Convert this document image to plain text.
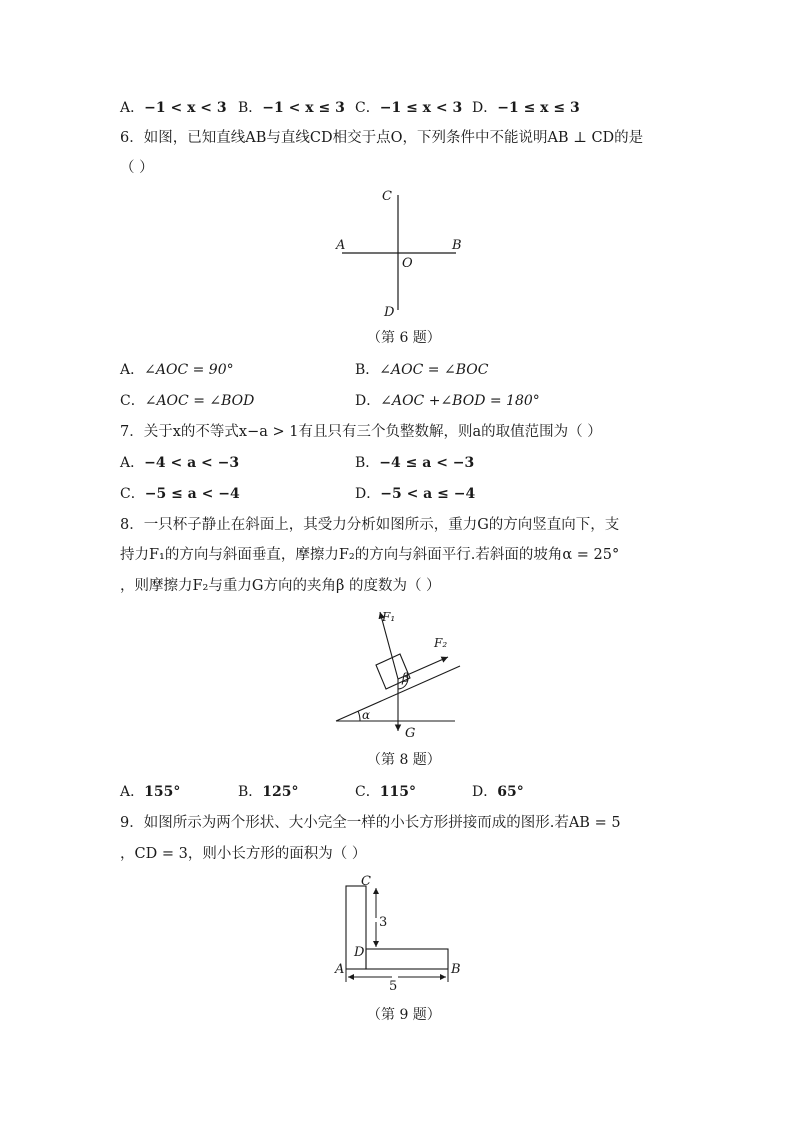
A．−1 < x < 3 B．−1 < x ≤ 3 C．−1 ≤ x < 3 D．−1 ≤ x ≤ 3
6．如图，已知直线AB与直线CD相交于点O，下列条件中不能说明AB ⊥ CD的是
（ ）
C
A	B
O
D
（第 6 题）
A．∠AOC = 90°	B．∠AOC = ∠BOC
C．∠AOC = ∠BOD	D．∠AOC +∠BOD = 180°
7．关于x的不等式x−a > 1有且只有三个负整数解，则a的取值范围为（ ）
A．−4 < a < −3	B．−4 ≤ a < −3
C．−5 ≤ a < −4	D．−5 < a ≤ −4
8．一只杯子静止在斜面上，其受力分析如图所示，重力G的方向竖直向下，支
持力F₁的方向与斜面垂直，摩擦力F₂的方向与斜面平行.若斜面的坡角α = 25°
，则摩擦力F₂与重力G方向的夹角β 的度数为（ ）
F₁
F₂
β
α
G
（第 8 题）
A．155°	B．125°	C．115°	D．65°
9．如图所示为两个形状、大小完全一样的小长方形拼接而成的图形.若AB = 5
，CD = 3，则小长方形的面积为（ ）
C
3
D
A	B
5
（第 9 题）
